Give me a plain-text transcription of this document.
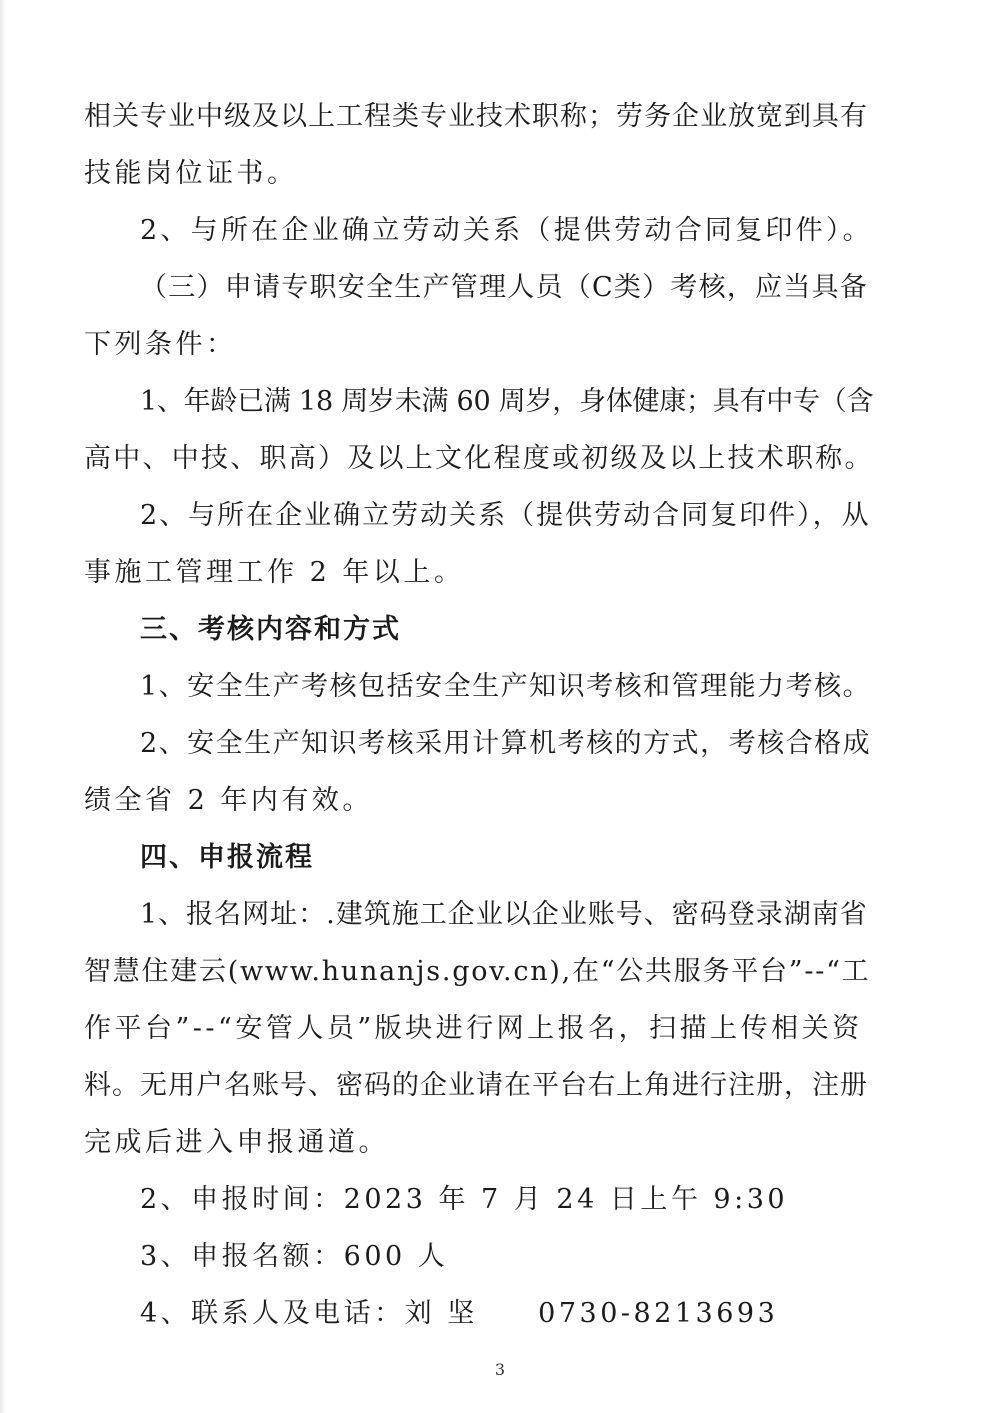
相关专业中级及以上工程类专业技术职称；劳务企业放宽到具有
技能岗位证书。
2、与所在企业确立劳动关系（提供劳动合同复印件）。
（三）申请专职安全生产管理人员（C类）考核，应当具备
下列条件：
1、年龄已满 18 周岁未满 60 周岁，身体健康；具有中专（含
高中、中技、职高）及以上文化程度或初级及以上技术职称。
2、与所在企业确立劳动关系（提供劳动合同复印件），从
事施工管理工作 2 年以上。
三、考核内容和方式
1、安全生产考核包括安全生产知识考核和管理能力考核。
2、安全生产知识考核采用计算机考核的方式，考核合格成
绩全省 2 年内有效。
四、申报流程
1、报名网址：.建筑施工企业以企业账号、密码登录湖南省
智慧住建云(www.hunanjs.gov.cn),在“公共服务平台”--“工
作平台”--“安管人员”版块进行网上报名，扫描上传相关资
料。无用户名账号、密码的企业请在平台右上角进行注册，注册
完成后进入申报通道。
2、申报时间：2023 年 7 月 24 日上午 9:30
3、申报名额：600 人
4、联系人及电话：刘 坚     0730-8213693
3
